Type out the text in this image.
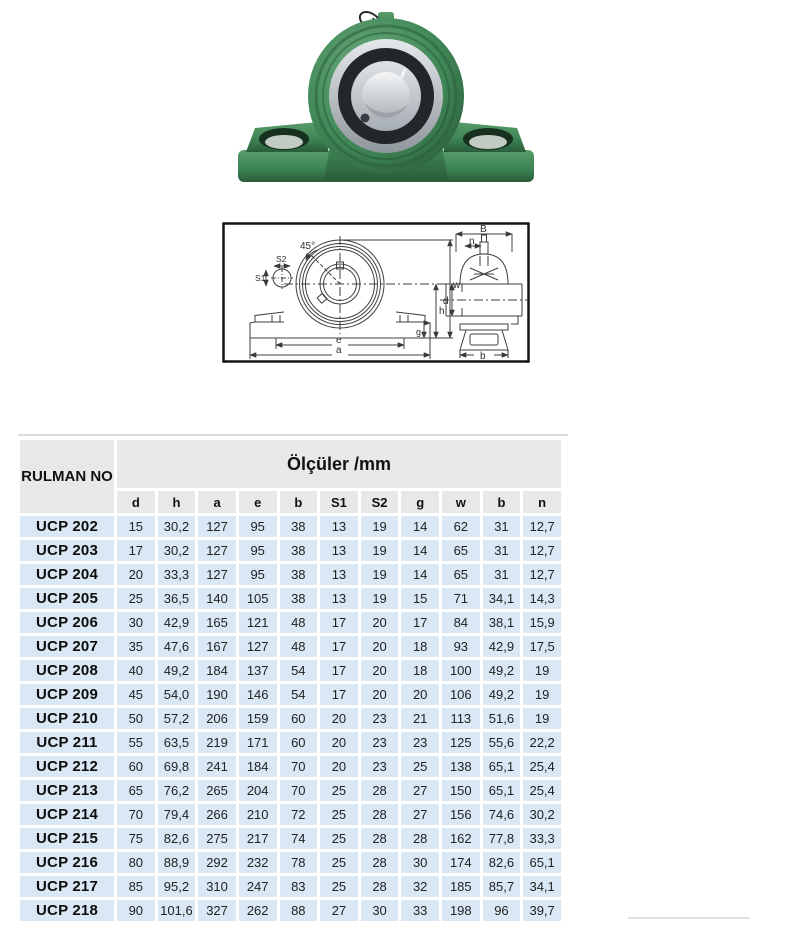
45°
S2
S1
w
h
g
e
a
B
n
d
b
RULMAN NO	Ölçüler /mm										
	d	h	a	e	b	S1	S2	g	w	b	n
UCP 202	15	30,2	127	95	38	13	19	14	62	31	12,7
UCP 203	17	30,2	127	95	38	13	19	14	65	31	12,7
UCP 204	20	33,3	127	95	38	13	19	14	65	31	12,7
UCP 205	25	36,5	140	105	38	13	19	15	71	34,1	14,3
UCP 206	30	42,9	165	121	48	17	20	17	84	38,1	15,9
UCP 207	35	47,6	167	127	48	17	20	18	93	42,9	17,5
UCP 208	40	49,2	184	137	54	17	20	18	100	49,2	19
UCP 209	45	54,0	190	146	54	17	20	20	106	49,2	19
UCP 210	50	57,2	206	159	60	20	23	21	113	51,6	19
UCP 211	55	63,5	219	171	60	20	23	23	125	55,6	22,2
UCP 212	60	69,8	241	184	70	20	23	25	138	65,1	25,4
UCP 213	65	76,2	265	204	70	25	28	27	150	65,1	25,4
UCP 214	70	79,4	266	210	72	25	28	27	156	74,6	30,2
UCP 215	75	82,6	275	217	74	25	28	28	162	77,8	33,3
UCP 216	80	88,9	292	232	78	25	28	30	174	82,6	65,1
UCP 217	85	95,2	310	247	83	25	28	32	185	85,7	34,1
UCP 218	90	101,6	327	262	88	27	30	33	198	96	39,7
